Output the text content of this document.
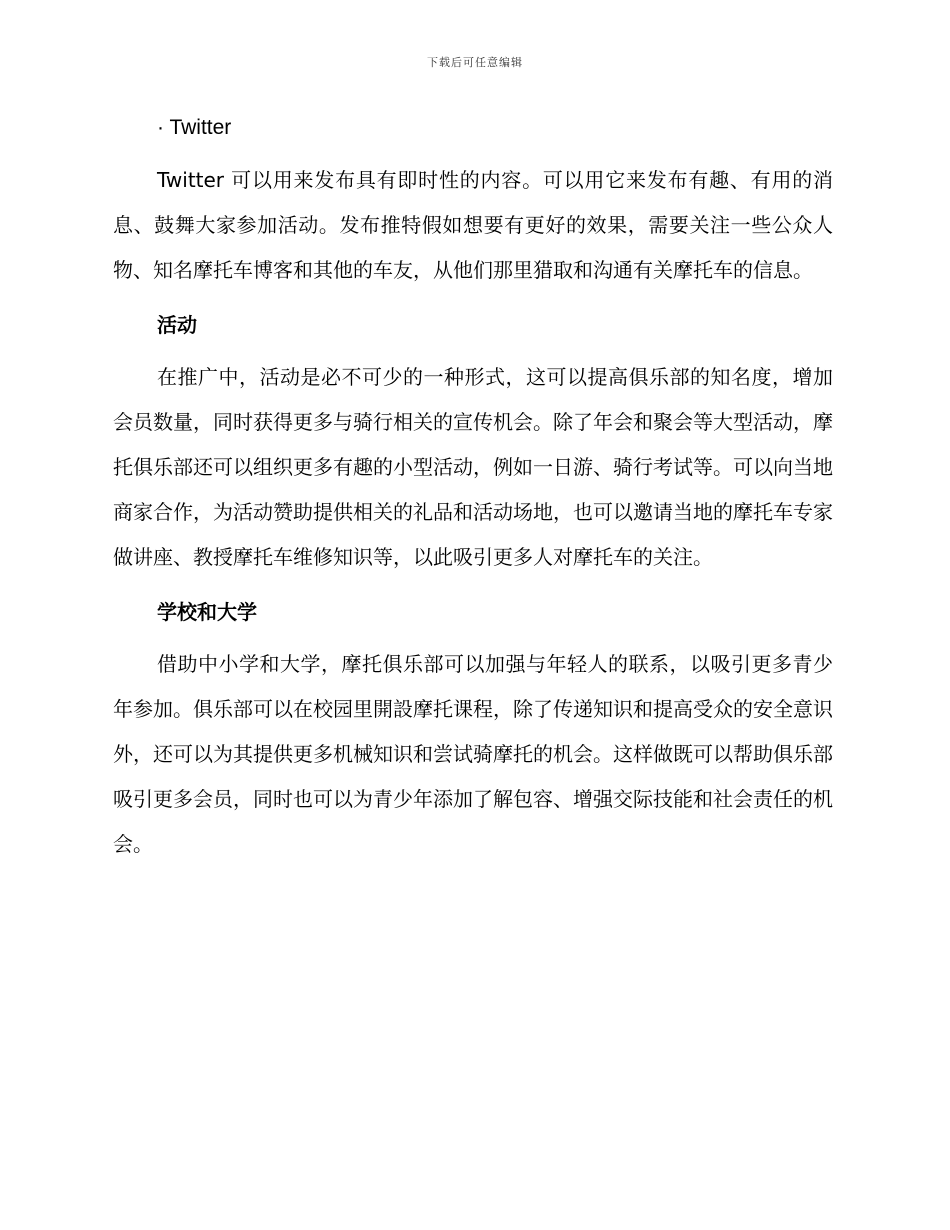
下载后可任意编辑
· Twitter

Twitter 可以用来发布具有即时性的内容。可以用它来发布有趣、有用的消息、鼓舞大家参加活动。发布推特假如想要有更好的效果，需要关注一些公众人物、知名摩托车博客和其他的车友，从他们那里猎取和沟通有关摩托车的信息。

活动

在推广中，活动是必不可少的一种形式，这可以提高俱乐部的知名度，增加会员数量，同时获得更多与骑行相关的宣传机会。除了年会和聚会等大型活动，摩托俱乐部还可以组织更多有趣的小型活动，例如一日游、骑行考试等。可以向当地商家合作，为活动赞助提供相关的礼品和活动场地，也可以邀请当地的摩托车专家做讲座、教授摩托车维修知识等，以此吸引更多人对摩托车的关注。

学校和大学

借助中小学和大学，摩托俱乐部可以加强与年轻人的联系，以吸引更多青少年参加。俱乐部可以在校园里開設摩托课程，除了传递知识和提高受众的安全意识外，还可以为其提供更多机械知识和尝试骑摩托的机会。这样做既可以帮助俱乐部吸引更多会员，同时也可以为青少年添加了解包容、增强交际技能和社会责任的机会。
